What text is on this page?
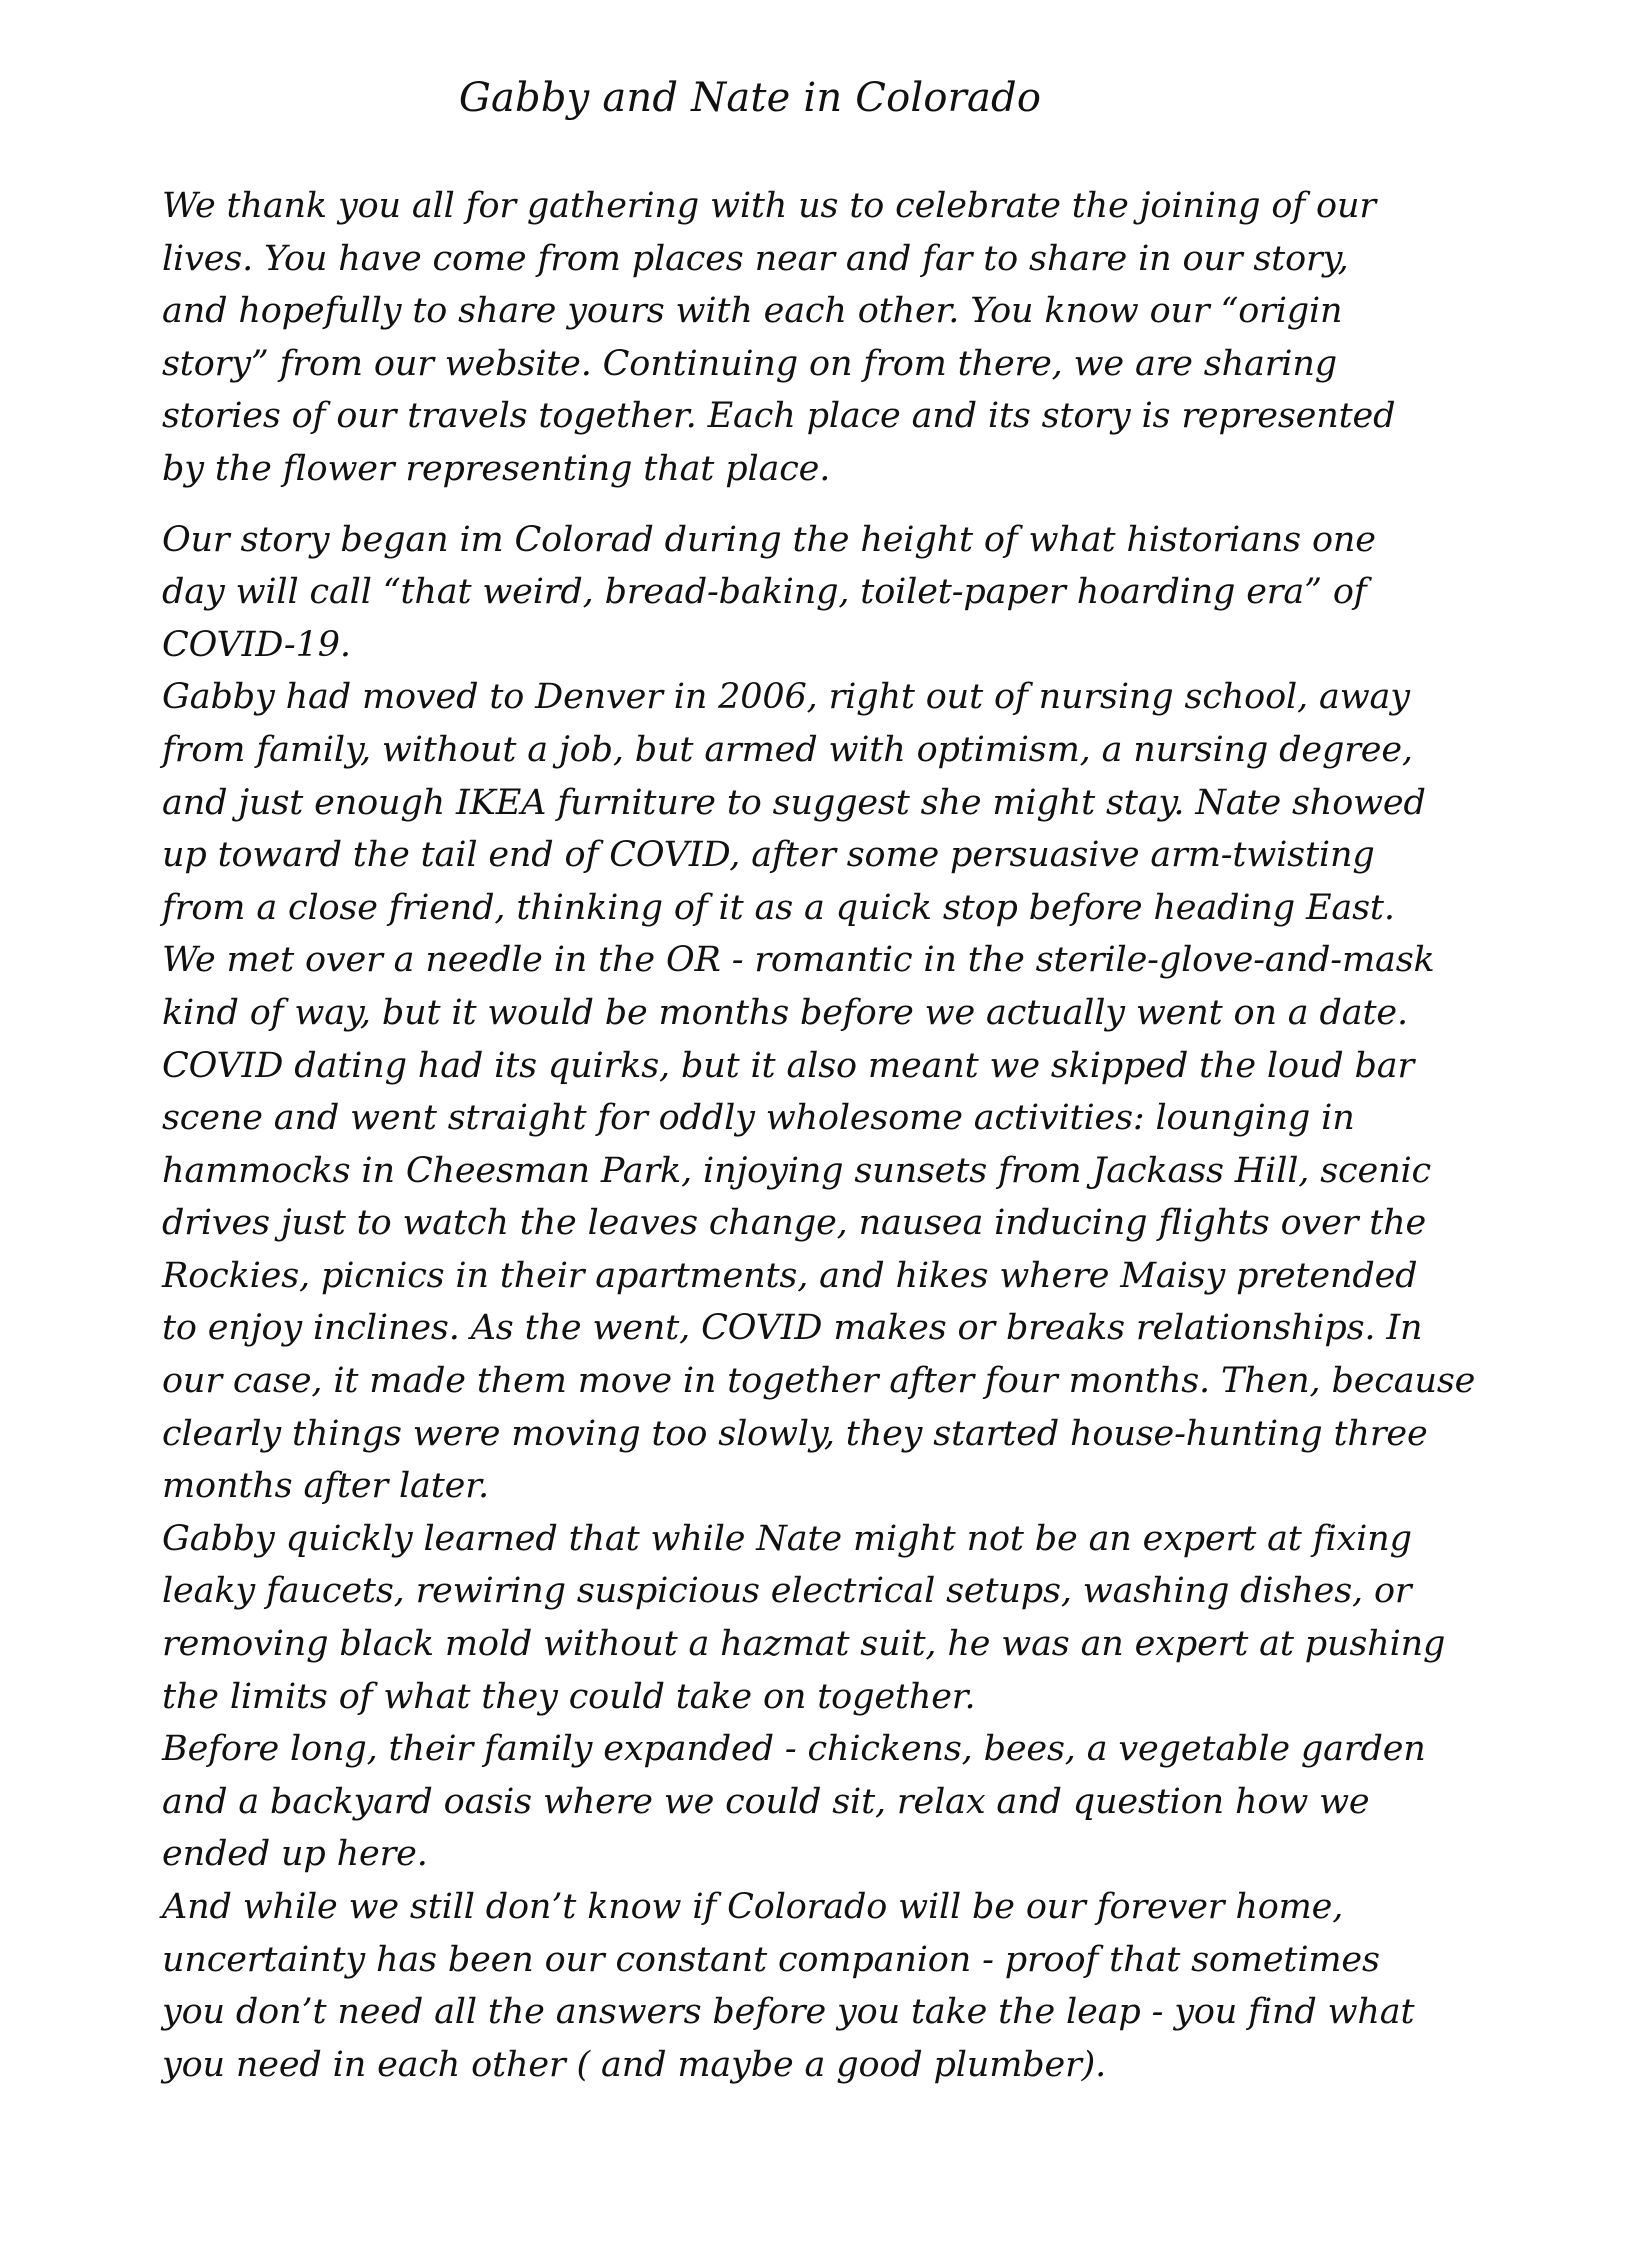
Gabby and Nate in Colorado
We thank you all for gathering with us to celebrate the joining of our
lives. You have come from places near and far to share in our story,
and hopefully to share yours with each other. You know our “origin
story” from our website. Continuing on from there, we are sharing
stories of our travels together. Each place and its story is represented
by the flower representing that place.
Our story began im Colorad during the height of what historians one
day will call “that weird, bread-baking, toilet-paper hoarding era” of
COVID-19.
Gabby had moved to Denver in 2006, right out of nursing school, away
from family, without a job, but armed with optimism, a nursing degree,
and just enough IKEA furniture to suggest she might stay. Nate showed
up toward the tail end of COVID, after some persuasive arm-twisting
from a close friend, thinking of it as a quick stop before heading East.
We met over a needle in the OR - romantic in the sterile-glove-and-mask
kind of way, but it would be months before we actually went on a date.
COVID dating had its quirks, but it also meant we skipped the loud bar
scene and went straight for oddly wholesome activities: lounging in
hammocks in Cheesman Park, injoying sunsets from Jackass Hill, scenic
drives just to watch the leaves change, nausea inducing flights over the
Rockies, picnics in their apartments, and hikes where Maisy pretended
to enjoy inclines. As the went, COVID makes or breaks relationships. In
our case, it made them move in together after four months. Then, because
clearly things were moving too slowly, they started house-hunting three
months after later.
Gabby quickly learned that while Nate might not be an expert at fixing
leaky faucets, rewiring suspicious electrical setups, washing dishes, or
removing black mold without a hazmat suit, he was an expert at pushing
the limits of what they could take on together.
Before long, their family expanded - chickens, bees, a vegetable garden
and a backyard oasis where we could sit, relax and question how we
ended up here.
And while we still don’t know if Colorado will be our forever home,
uncertainty has been our constant companion - proof that sometimes
you don’t need all the answers before you take the leap - you find what
you need in each other ( and maybe a good plumber).
